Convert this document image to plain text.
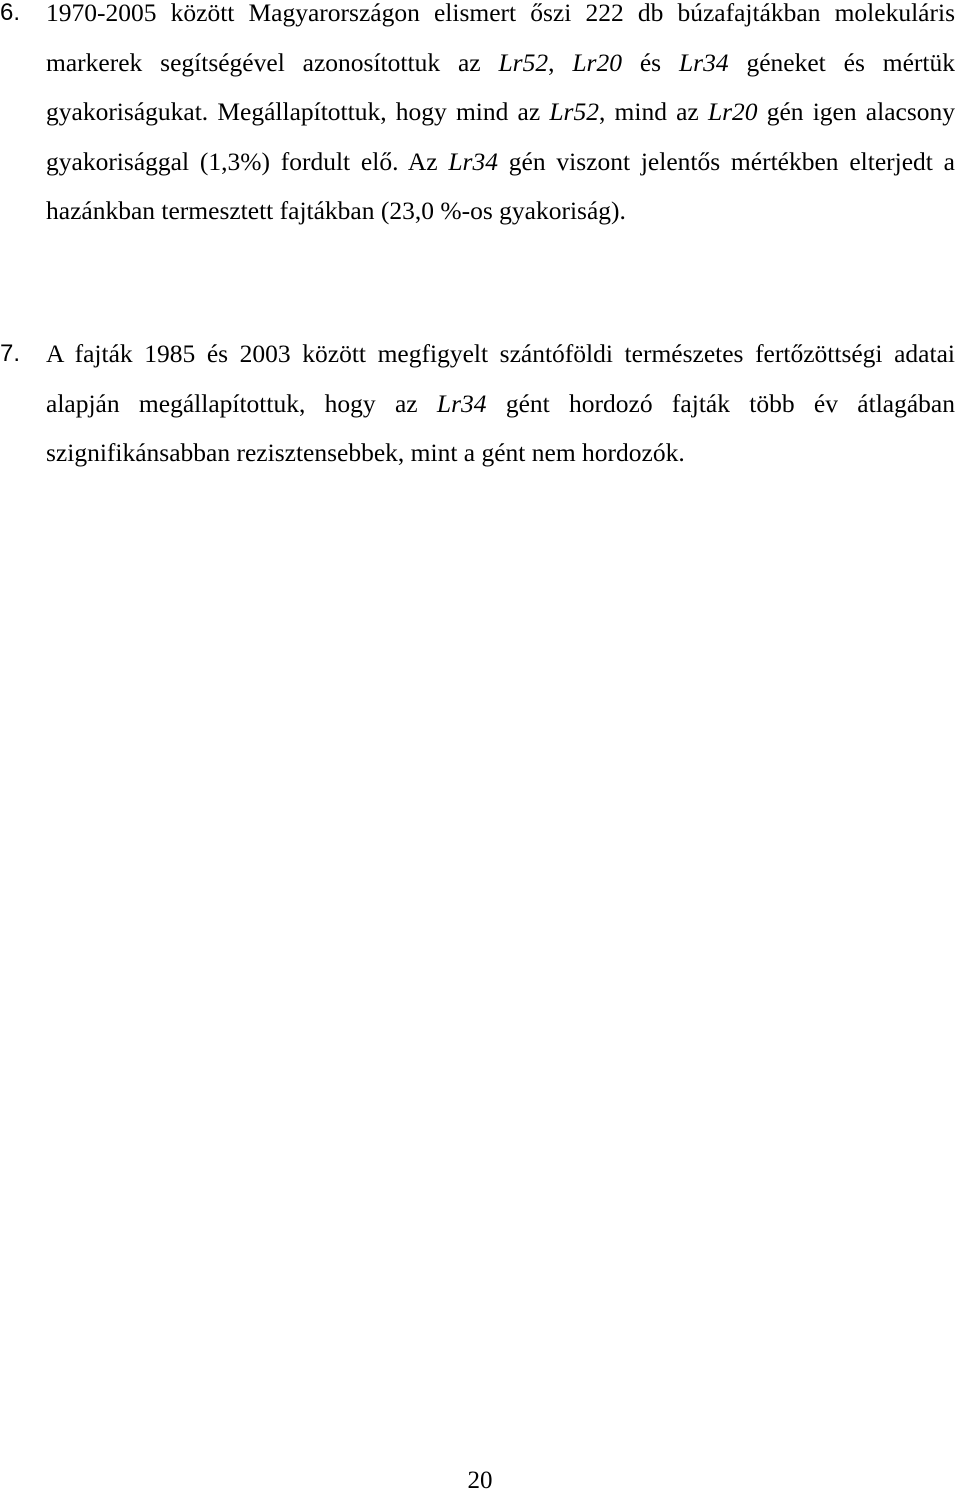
6. 1970-2005 között Magyarországon elismert őszi 222 db búzafajtákban molekuláris markerek segítségével azonosítottuk az Lr52, Lr20 és Lr34 géneket és mértük gyakoriságukat. Megállapítottuk, hogy mind az Lr52, mind az Lr20 gén igen alacsony gyakorisággal (1,3%) fordult elő. Az Lr34 gén viszont jelentős mértékben elterjedt a hazánkban termesztett fajtákban (23,0 %-os gyakoriság).
7. A fajták 1985 és 2003 között megfigyelt szántóföldi természetes fertőzöttségi adatai alapján megállapítottuk, hogy az Lr34 gént hordozó fajták több év átlagában szignifikánsabban rezisztensebbek, mint a gént nem hordozók.
20
